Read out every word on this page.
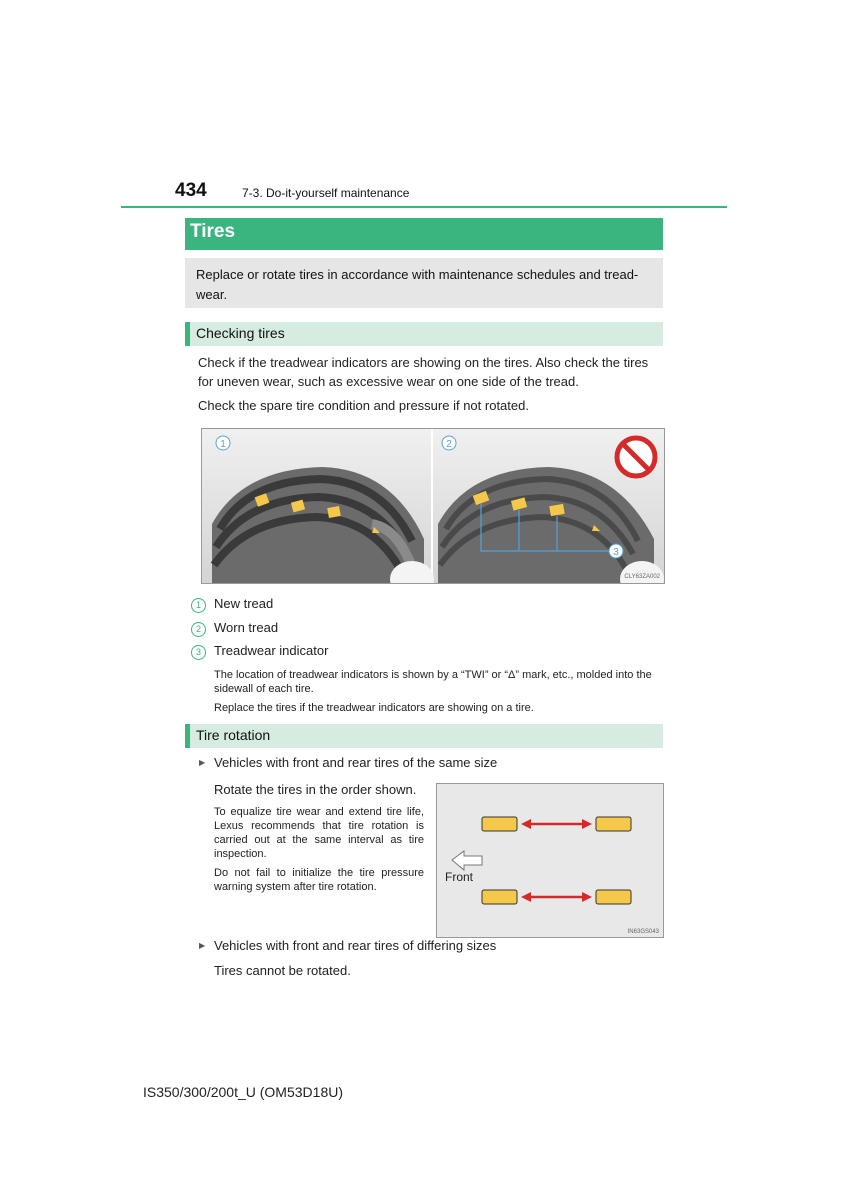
434	7-3. Do-it-yourself maintenance
Tires

Replace or rotate tires in accordance with maintenance schedules and tread-wear.

Checking tires

Check if the treadwear indicators are showing on the tires. Also check the tires for uneven wear, such as excessive wear on one side of the tread.

Check the spare tire condition and pressure if not rotated.

1	2
3
CLY63ZA002
1	New tread
2	Worn tread
3	Treadwear indicator

The location of treadwear indicators is shown by a “TWI” or “Δ” mark, etc., molded into the sidewall of each tire.

Replace the tires if the treadwear indicators are showing on a tire.

Tire rotation
▶ Vehicles with front and rear tires of the same size

Rotate the tires in the order shown.

To equalize tire wear and extend tire life, Lexus recommends that tire rotation is carried out at the same interval as tire inspection.

Do not fail to initialize the tire pressure warning system after tire rotation.

Front
IN63GS043
▶ Vehicles with front and rear tires of differing sizes

Tires cannot be rotated.

IS350/300/200t_U (OM53D18U)
